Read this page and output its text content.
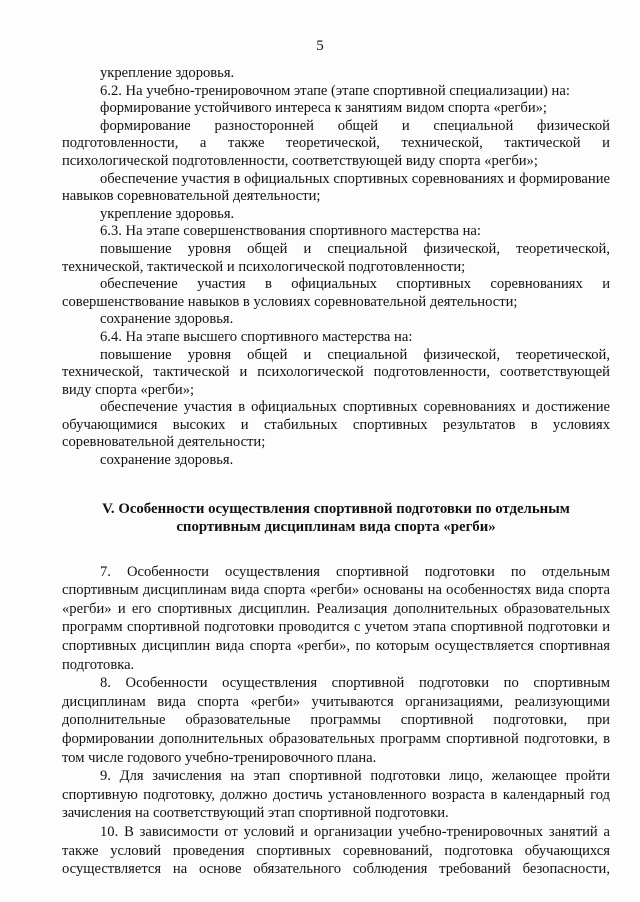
5

укрепление здоровья.

6.2. На учебно-тренировочном этапе (этапе спортивной специализации) на:

формирование устойчивого интереса к занятиям видом спорта «регби»;

формирование разносторонней общей и специальной физической подготовленности, а также теоретической, технической, тактической и психологической подготовленности, соответствующей виду спорта «регби»;

обеспечение участия в официальных спортивных соревнованиях и формирование навыков соревновательной деятельности;

укрепление здоровья.

6.3. На этапе совершенствования спортивного мастерства на:

повышение уровня общей и специальной физической, теоретической, технической, тактической и психологической подготовленности;

обеспечение участия в официальных спортивных соревнованиях и совершенствование навыков в условиях соревновательной деятельности;

сохранение здоровья.

6.4. На этапе высшего спортивного мастерства на:

повышение уровня общей и специальной физической, теоретической, технической, тактической и психологической подготовленности, соответствующей виду спорта «регби»;

обеспечение участия в официальных спортивных соревнованиях и достижение обучающимися высоких и стабильных спортивных результатов в условиях соревновательной деятельности;

сохранение здоровья.

V. Особенности осуществления спортивной подготовки по отдельным
спортивным дисциплинам вида спорта «регби»

7. Особенности осуществления спортивной подготовки по отдельным спортивным дисциплинам вида спорта «регби» основаны на особенностях вида спорта «регби» и его спортивных дисциплин. Реализация дополнительных образовательных программ спортивной подготовки проводится с учетом этапа спортивной подготовки и спортивных дисциплин вида спорта «регби», по которым осуществляется спортивная подготовка.

8. Особенности осуществления спортивной подготовки по спортивным дисциплинам вида спорта «регби» учитываются организациями, реализующими дополнительные образовательные программы спортивной подготовки, при формировании дополнительных образовательных программ спортивной подготовки, в том числе годового учебно-тренировочного плана.

9. Для зачисления на этап спортивной подготовки лицо, желающее пройти спортивную подготовку, должно достичь установленного возраста в календарный год зачисления на соответствующий этап спортивной подготовки.

10. В зависимости от условий и организации учебно-тренировочных занятий а также условий проведения спортивных соревнований, подготовка обучающихся осуществляется на основе обязательного соблюдения требований безопасности,
